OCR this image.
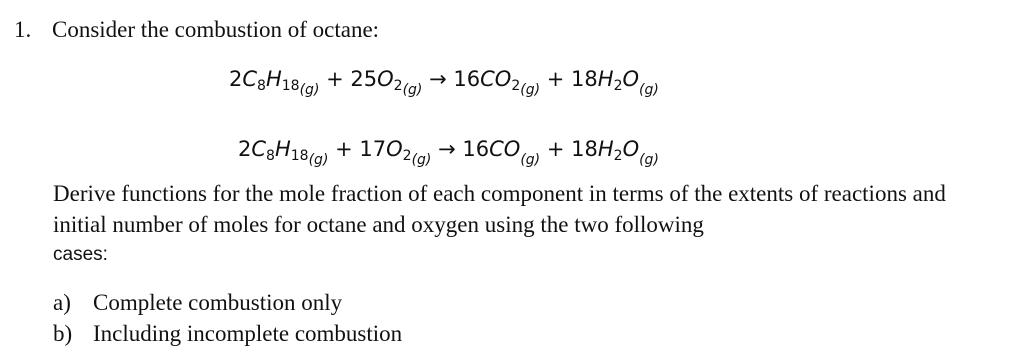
1. Consider the combustion of octane:
$2C_8H_{18(g)} + 25O_{2(g)} \to 16CO_{2(g)} + 18H_2O_{(g)}$
$2C_8H_{18(g)} + 17O_{2(g)} \to 16CO_{(g)} + 18H_2O_{(g)}$
Derive functions for the mole fraction of each component in terms of the extents of reactions and initial number of moles for octane and oxygen using the two following
cases:
a) Complete combustion only
b) Including incomplete combustion
